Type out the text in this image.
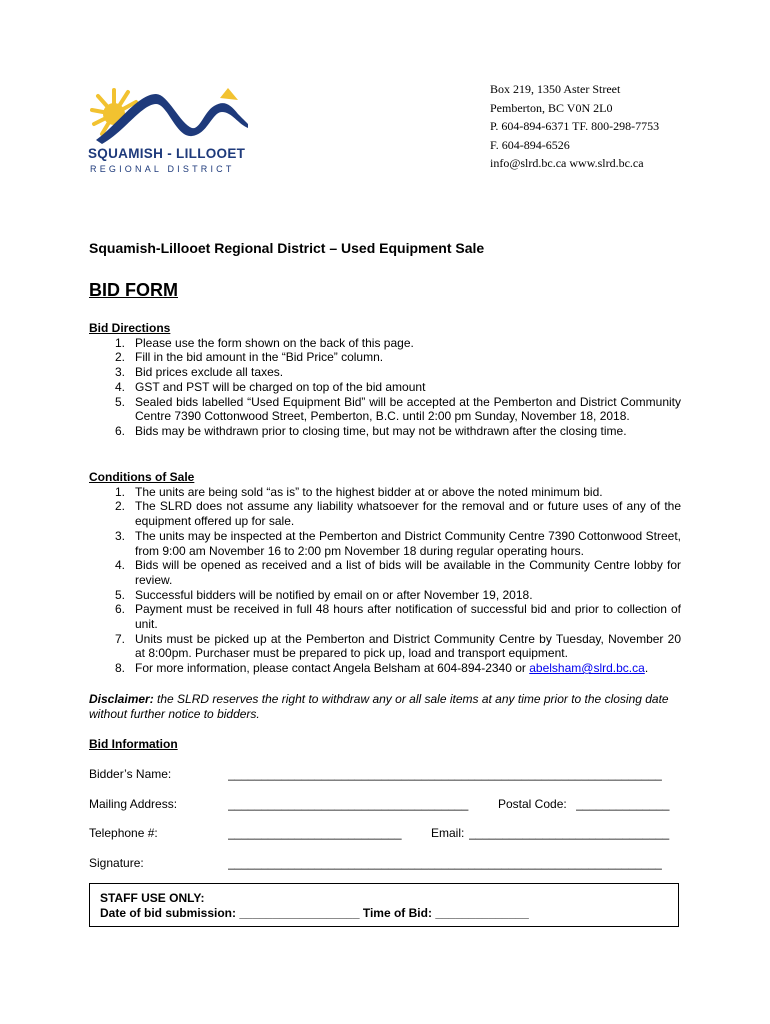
SQUAMISH - LILLOOET
REGIONAL DISTRICT
Box 219, 1350 Aster Street
Pemberton, BC V0N 2L0
P. 604-894-6371 TF. 800-298-7753
F. 604-894-6526
info@slrd.bc.ca www.slrd.bc.ca
Squamish-Lillooet Regional District – Used Equipment Sale
BID FORM
Bid Directions
1 . Please use the form shown on the back of this page.
2 . Fill in the bid amount in the “Bid Price” column.
3 . Bid prices exclude all taxes.
4 . GST and PST will be charged on top of the bid amount
5 . Sealed bids labelled “Used Equipment Bid” will be accepted at the Pemberton and District Community Centre 7390 Cottonwood Street, Pemberton, B.C. until 2:00 pm Sunday, November 18, 2018.
6 . Bids may be withdrawn prior to closing time, but may not be withdrawn after the closing time.
Conditions of Sale
1 . The units are being sold “as is” to the highest bidder at or above the noted minimum bid.
2 . The SLRD does not assume any liability whatsoever for the removal and or future uses of any of the equipment offered up for sale.
3 . The units may be inspected at the Pemberton and District Community Centre 7390 Cottonwood Street, from 9:00 am November 16 to 2:00 pm November 18 during regular operating hours.
4 . Bids will be opened as received and a list of bids will be available in the Community Centre lobby for review.
5 . Successful bidders will be notified by email on or after November 19, 2018.
6 . Payment must be received in full 48 hours after notification of successful bid and prior to collection of unit.
7 . Units must be picked up at the Pemberton and District Community Centre by Tuesday, November 20 at 8:00pm. Purchaser must be prepared to pick up, load and transport equipment.
8 . For more information, please contact Angela Belsham at 604-894-2340 or abelsham@slrd.bc.ca.
Disclaimer: the SLRD reserves the right to withdraw any or all sale items at any time prior to the closing date without further notice to bidders.
Bid Information
Bidder’s Name:	_________________________________________________________________
Mailing Address:	____________________________________	Postal Code: ______________
Telephone #:	__________________________	Email: ______________________________
Signature:	_________________________________________________________________
STAFF USE ONLY:
Date of bid submission: __________________ Time of Bid: ______________
